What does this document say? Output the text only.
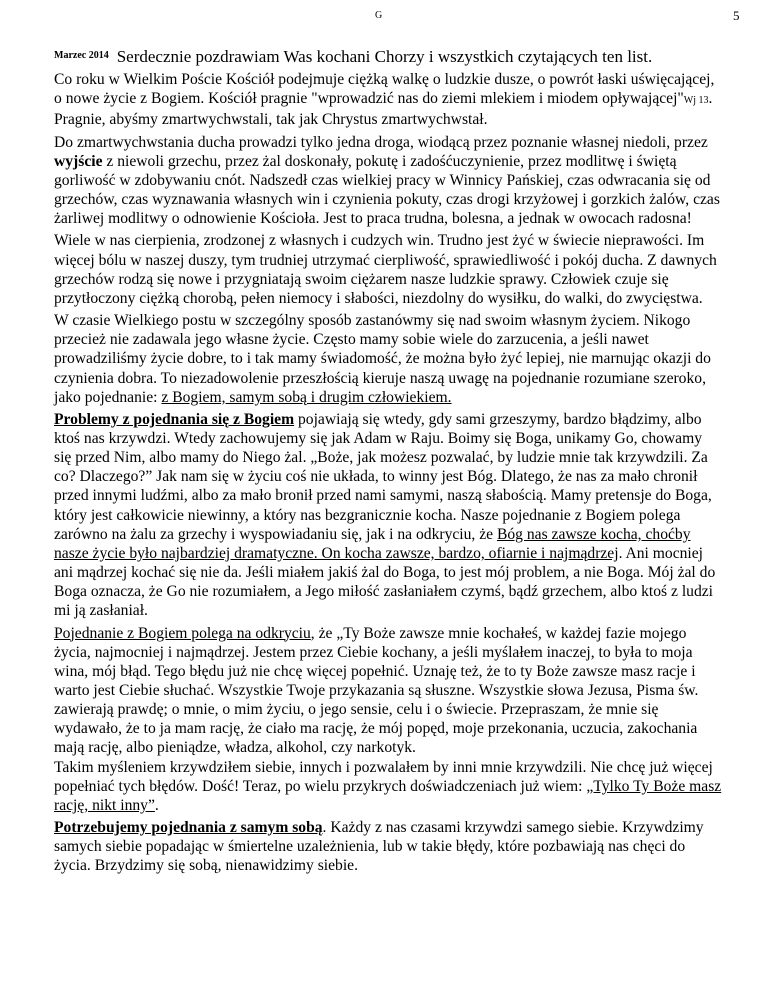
G	5

$^{Marzec 2014}$ Serdecznie pozdrawiam Was kochani Chorzy i wszystkich czytających ten list.

Co roku w Wielkim Poście Kościół podejmuje ciężką walkę o ludzkie dusze, o powrót łaski uświęcającej, o nowe życie z Bogiem. Kościół pragnie "wprowadzić nas do ziemi mlekiem i miodem opływającej"Wj 13. Pragnie, abyśmy zmartwychwstali, tak jak Chrystus zmartwychwstał.

Do zmartwychwstania ducha prowadzi tylko jedna droga, wiodącą przez poznanie własnej niedoli, przez wyjście z niewoli grzechu, przez żal doskonały, pokutę i zadośćuczynienie, przez modlitwę i świętą gorliwość w zdobywaniu cnót. Nadszedł czas wielkiej pracy w Winnicy Pańskiej, czas odwracania się od grzechów, czas wyznawania własnych win i czynienia pokuty, czas drogi krzyżowej i gorzkich żalów, czas żarliwej modlitwy o odnowienie Kościoła. Jest to praca trudna, bolesna, a jednak w owocach radosna!

Wiele w nas cierpienia, zrodzonej z własnych i cudzych win. Trudno jest żyć w świecie nieprawości. Im więcej bólu w naszej duszy, tym trudniej utrzymać cierpliwość, sprawiedliwość i pokój ducha. Z dawnych grzechów rodzą się nowe i przygniatają swoim ciężarem nasze ludzkie sprawy. Człowiek czuje się przytłoczony ciężką chorobą, pełen niemocy i słabości, niezdolny do wysiłku, do walki, do zwycięstwa.

W czasie Wielkiego postu w szczególny sposób zastanówmy się nad swoim własnym życiem. Nikogo przecież nie zadawala jego własne życie. Często mamy sobie wiele do zarzucenia, a jeśli nawet prowadziliśmy życie dobre, to i tak mamy świadomość, że można było żyć lepiej, nie marnując okazji do czynienia dobra. To niezadowolenie przeszłością kieruje naszą uwagę na pojednanie rozumiane szeroko, jako pojednanie: z Bogiem, samym sobą i drugim człowiekiem.

Problemy z pojednania się z Bogiem pojawiają się wtedy, gdy sami grzeszymy, bardzo błądzimy, albo ktoś nas krzywdzi. Wtedy zachowujemy się jak Adam w Raju. Boimy się Boga, unikamy Go, chowamy się przed Nim, albo mamy do Niego żal. „Boże, jak możesz pozwalać, by ludzie mnie tak krzywdzili. Za co? Dlaczego?” Jak nam się w życiu coś nie układa, to winny jest Bóg. Dlatego, że nas za mało chronił przed innymi ludźmi, albo za mało bronił przed nami samymi, naszą słabością. Mamy pretensje do Boga, który jest całkowicie niewinny, a który nas bezgranicznie kocha. Nasze pojednanie z Bogiem polega zarówno na żalu za grzechy i wyspowiadaniu się, jak i na odkryciu, że Bóg nas zawsze kocha, choćby nasze życie było najbardziej dramatyczne. On kocha zawsze, bardzo, ofiarnie i najmądrzej. Ani mocniej ani mądrzej kochać się nie da. Jeśli miałem jakiś żal do Boga, to jest mój problem, a nie Boga. Mój żal do Boga oznacza, że Go nie rozumiałem, a Jego miłość zasłaniałem czymś, bądź grzechem, albo ktoś z ludzi mi ją zasłaniał.

Pojednanie z Bogiem polega na odkryciu, że „Ty Boże zawsze mnie kochałeś, w każdej fazie mojego życia, najmocniej i najmądrzej. Jestem przez Ciebie kochany, a jeśli myślałem inaczej, to była to moja wina, mój błąd. Tego błędu już nie chcę więcej popełnić. Uznaję też, że to ty Boże zawsze masz racje i warto jest Ciebie słuchać. Wszystkie Twoje przykazania są słuszne. Wszystkie słowa Jezusa, Pisma św. zawierają prawdę; o mnie, o mim życiu, o jego sensie, celu i o świecie. Przepraszam, że mnie się wydawało, że to ja mam rację, że ciało ma rację, że mój popęd, moje przekonania, uczucia, zakochania mają rację, albo pieniądze, władza, alkohol, czy narkotyk.
Takim myśleniem krzywdziłem siebie, innych i pozwalałem by inni mnie krzywdzili. Nie chcę już więcej popełniać tych błędów. Dość! Teraz, po wielu przykrych doświadczeniach już wiem: „Tylko Ty Boże masz rację, nikt inny”.

Potrzebujemy pojednania z samym sobą. Każdy z nas czasami krzywdzi samego siebie. Krzywdzimy samych siebie popadając w śmiertelne uzależnienia, lub w takie błędy, które pozbawiają nas chęci do życia. Brzydzimy się sobą, nienawidzimy siebie.
